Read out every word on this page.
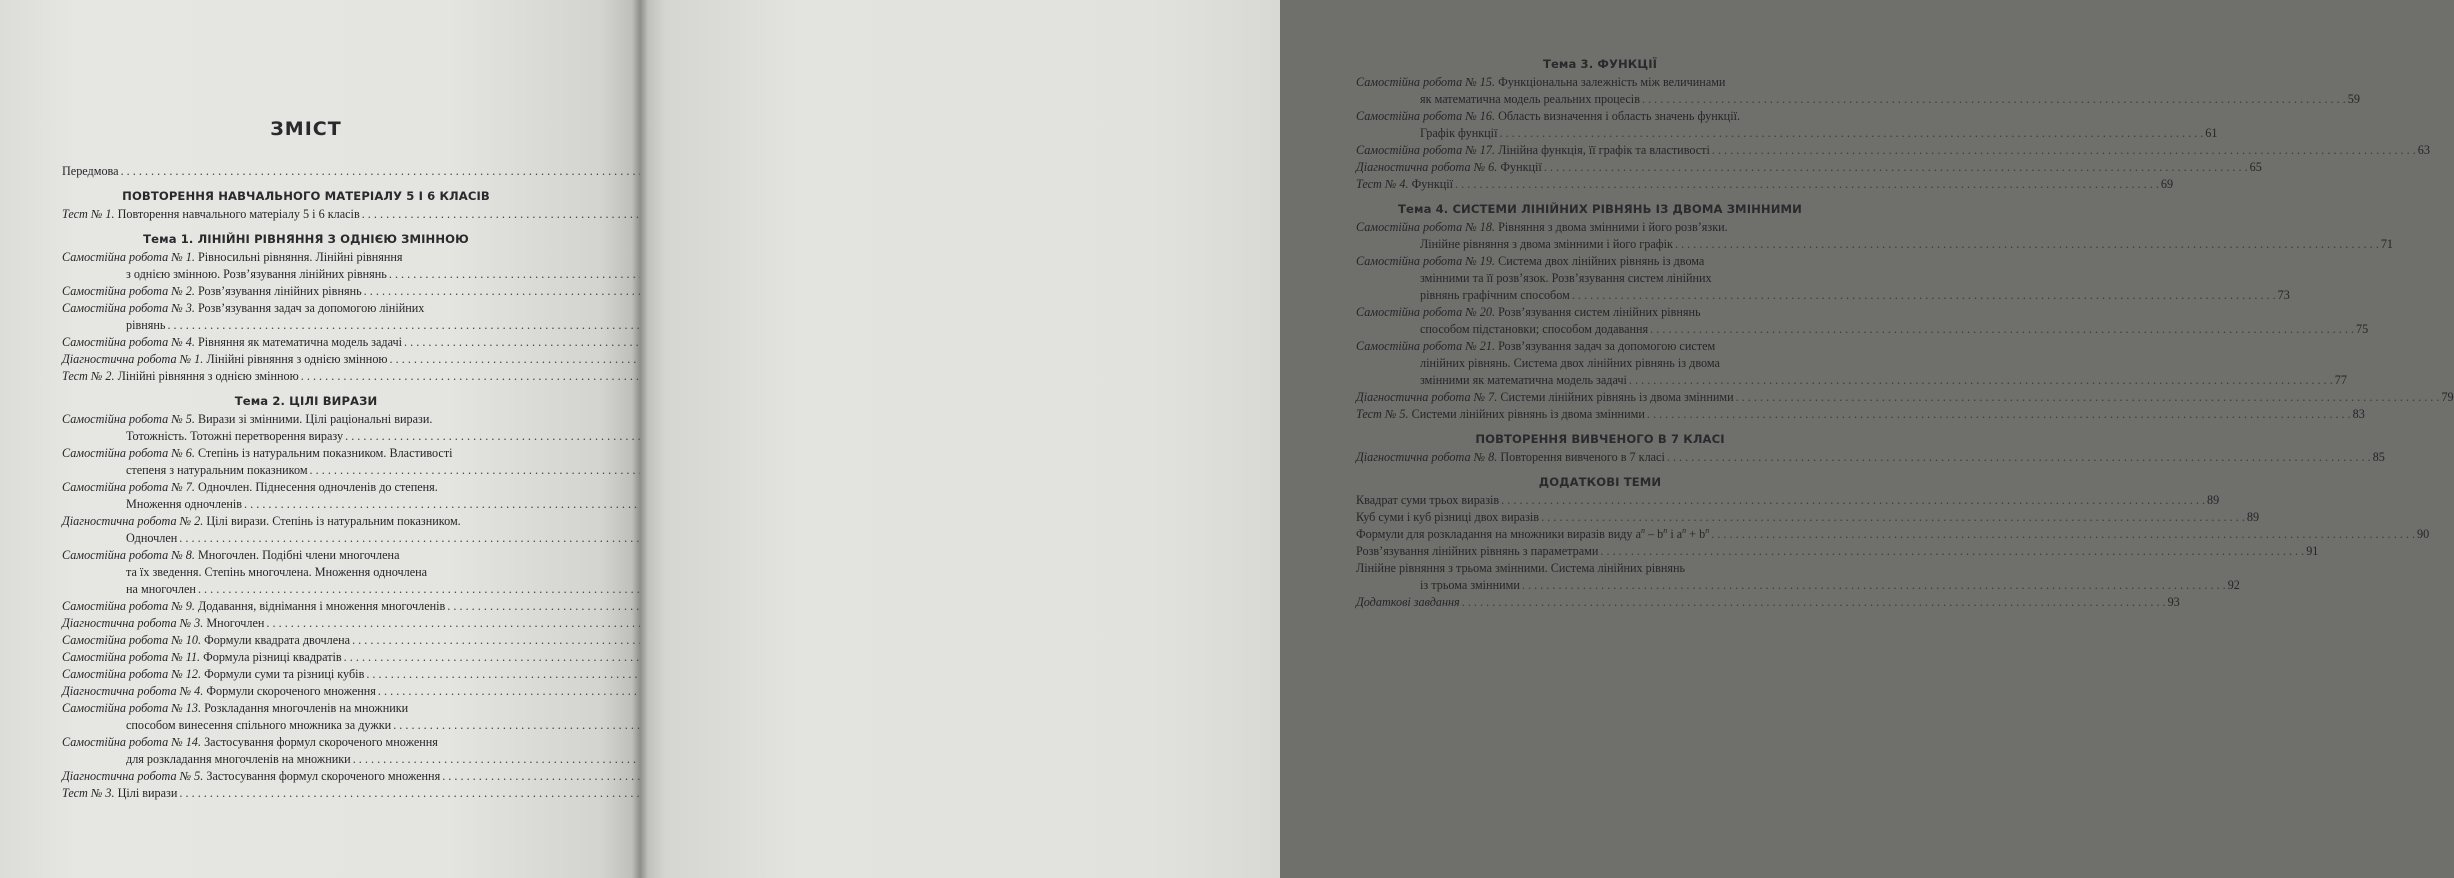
ЗМІСТ
Передмова . . .
ПОВТОРЕННЯ НАВЧАЛЬНОГО МАТЕРІАЛУ 5 І 6 КЛАСІВ
Тест № 1. Повторення навчального матеріалу 5 і 6 класів . . .
Тема 1. ЛІНІЙНІ РІВНЯННЯ З ОДНІЄЮ ЗМІННОЮ
Самостійна робота № 1. Рівносильні рівняння. Лінійні рівняння
з однією змінною. Розв’язування лінійних рівнянь . . .
Самостійна робота № 2. Розв’язування лінійних рівнянь . . .
Самостійна робота № 3. Розв’язування задач за допомогою лінійних
рівнянь . . .
Самостійна робота № 4. Рівняння як математична модель задачі . . .
Діагностична робота № 1. Лінійні рівняння з однією змінною . . .
Тест № 2. Лінійні рівняння з однією змінною . . .
Тема 2. ЦІЛІ ВИРАЗИ
Самостійна робота № 5. Вирази зі змінними. Цілі раціональні вирази.
Тотожність. Тотожні перетворення виразу . . .
Самостійна робота № 6. Степінь із натуральним показником. Властивості
степеня з натуральним показником . . .
Самостійна робота № 7. Одночлен. Піднесення одночленів до степеня.
Множення одночленів . . .
Діагностична робота № 2. Цілі вирази. Степінь із натуральним показником.
Одночлен . . .
Самостійна робота № 8. Многочлен. Подібні члени многочлена
та їх зведення. Степінь многочлена. Множення одночлена
на многочлен . . .
Самостійна робота № 9. Додавання, віднімання і множення многочленів . . .
Діагностична робота № 3. Многочлен . . .
Самостійна робота № 10. Формули квадрата двочлена . . .
Самостійна робота № 11. Формула різниці квадратів . . .
Самостійна робота № 12. Формули суми та різниці кубів . . .
Діагностична робота № 4. Формули скороченого множення . . .
Самостійна робота № 13. Розкладання многочленів на множники
способом винесення спільного множника за дужки . . .
Самостійна робота № 14. Застосування формул скороченого множення
для розкладання многочленів на множники . . .
Діагностична робота № 5. Застосування формул скороченого множення . . .
Тест № 3. Цілі вирази . . .
Тема 3. ФУНКЦІЇ
Самостійна робота № 15. Функціональна залежність між величинами
як математична модель реальних процесів . . .	59
Самостійна робота № 16. Область визначення і область значень функції.
Графік функції . . .	61
Самостійна робота № 17. Лінійна функція, її графік та властивості . . .	63
Діагностична робота № 6. Функції . . .	65
Тест № 4. Функції . . .	69
Тема 4. СИСТЕМИ ЛІНІЙНИХ РІВНЯНЬ ІЗ ДВОМА ЗМІННИМИ
Самостійна робота № 18. Рівняння з двома змінними і його розв’язки.
Лінійне рівняння з двома змінними і його графік . . .	71
Самостійна робота № 19. Система двох лінійних рівнянь із двома
змінними та її розв’язок. Розв’язування систем лінійних
рівнянь графічним способом . . .	73
Самостійна робота № 20. Розв’язування систем лінійних рівнянь
способом підстановки; способом додавання . . .	75
Самостійна робота № 21. Розв’язування задач за допомогою систем
лінійних рівнянь. Система двох лінійних рівнянь із двома
змінними як математична модель задачі . . .	77
Діагностична робота № 7. Системи лінійних рівнянь із двома змінними . . .	79
Тест № 5. Системи лінійних рівнянь із двома змінними . . .	83
ПОВТОРЕННЯ ВИВЧЕНОГО В 7 КЛАСІ
Діагностична робота № 8. Повторення вивченого в 7 класі . . .	85
ДОДАТКОВІ ТЕМИ
Квадрат суми трьох виразів . . .	89
Куб суми і куб різниці двох виразів . . .	89
Формули для розкладання на множники виразів виду $a^n - b^n$ і $a^n + b^n$ . . .	90
Розв’язування лінійних рівнянь з параметрами . . .	91
Лінійне рівняння з трьома змінними. Система лінійних рівнянь
із трьома змінними . . .	92
Додаткові завдання . . .	93
